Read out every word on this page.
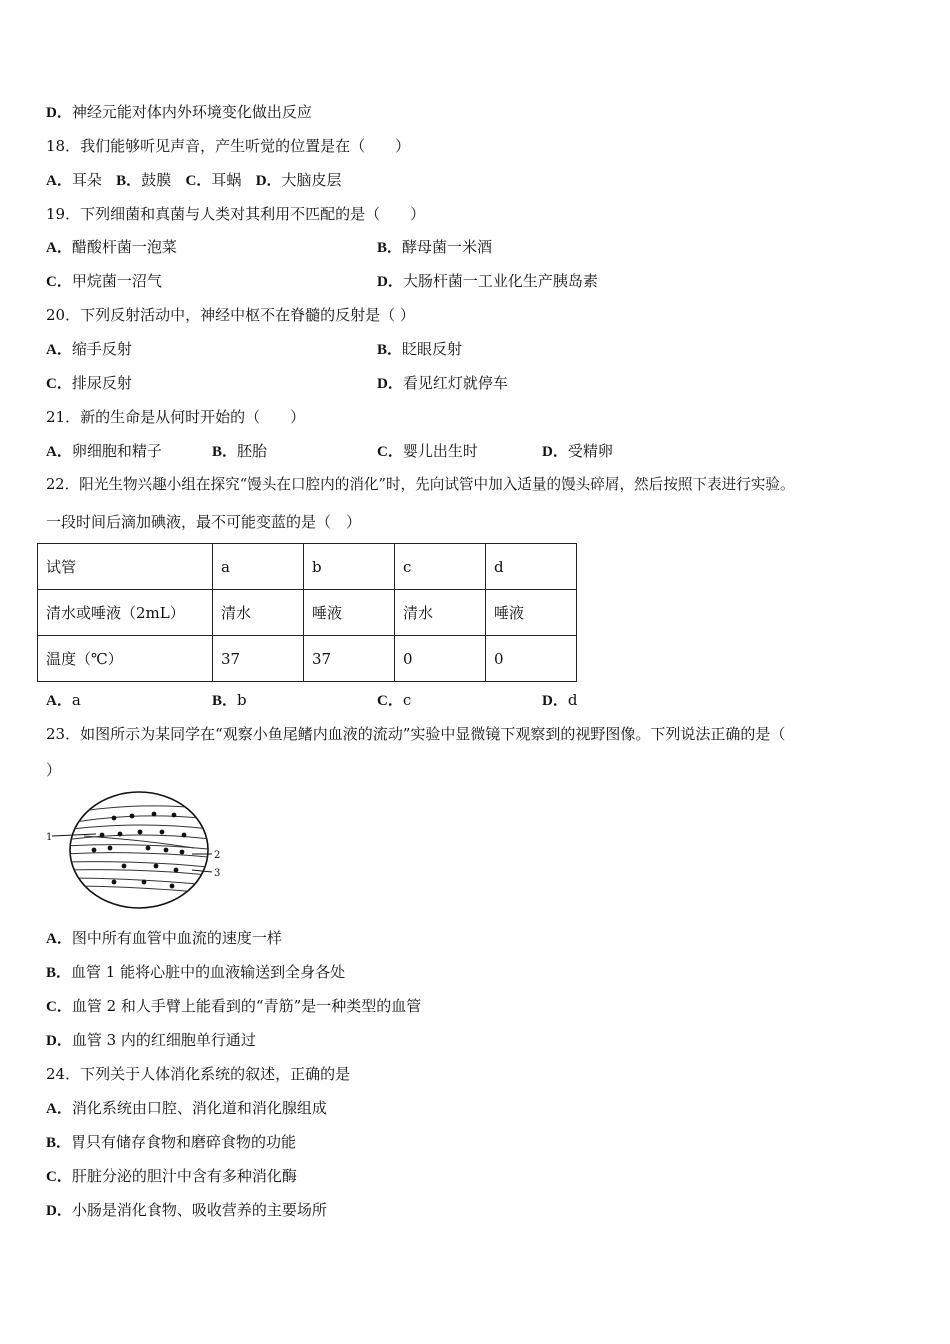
D．神经元能对体内外环境变化做出反应
18．我们能够听见声音，产生听觉的位置是在（　　）
A．耳朵 B．鼓膜 C．耳蜗 D．大脑皮层
19．下列细菌和真菌与人类对其利用不匹配的是（　　）
A．醋酸杆菌一泡菜	B．酵母菌一米酒
C．甲烷菌一沼气	D．大肠杆菌一工业化生产胰岛素
20．下列反射活动中，神经中枢不在脊髓的反射是（ ）
A．缩手反射	B．眨眼反射
C．排尿反射	D．看见红灯就停车
21．新的生命是从何时开始的（　　）
A．卵细胞和精子	B．胚胎	C．婴儿出生时	D．受精卵
22．阳光生物兴趣小组在探究“馒头在口腔内的消化”时，先向试管中加入适量的馒头碎屑，然后按照下表进行实验。
一段时间后滴加碘液，最不可能变蓝的是（　）
试管	a	b	c	d
清水或唾液（2mL）	清水	唾液	清水	唾液
温度（℃）	37	37	0	0
A．a	B．b	C．c	D．d
23．如图所示为某同学在“观察小鱼尾鳍内血液的流动”实验中显微镜下观察到的视野图像。下列说法正确的是（
）
1
2
3
A．图中所有血管中血流的速度一样
B．血管 1 能将心脏中的血液输送到全身各处
C．血管 2 和人手臂上能看到的“青筋”是一种类型的血管
D．血管 3 内的红细胞单行通过
24．下列关于人体消化系统的叙述，正确的是
A．消化系统由口腔、消化道和消化腺组成
B．胃只有储存食物和磨碎食物的功能
C．肝脏分泌的胆汁中含有多种消化酶
D．小肠是消化食物、吸收营养的主要场所
